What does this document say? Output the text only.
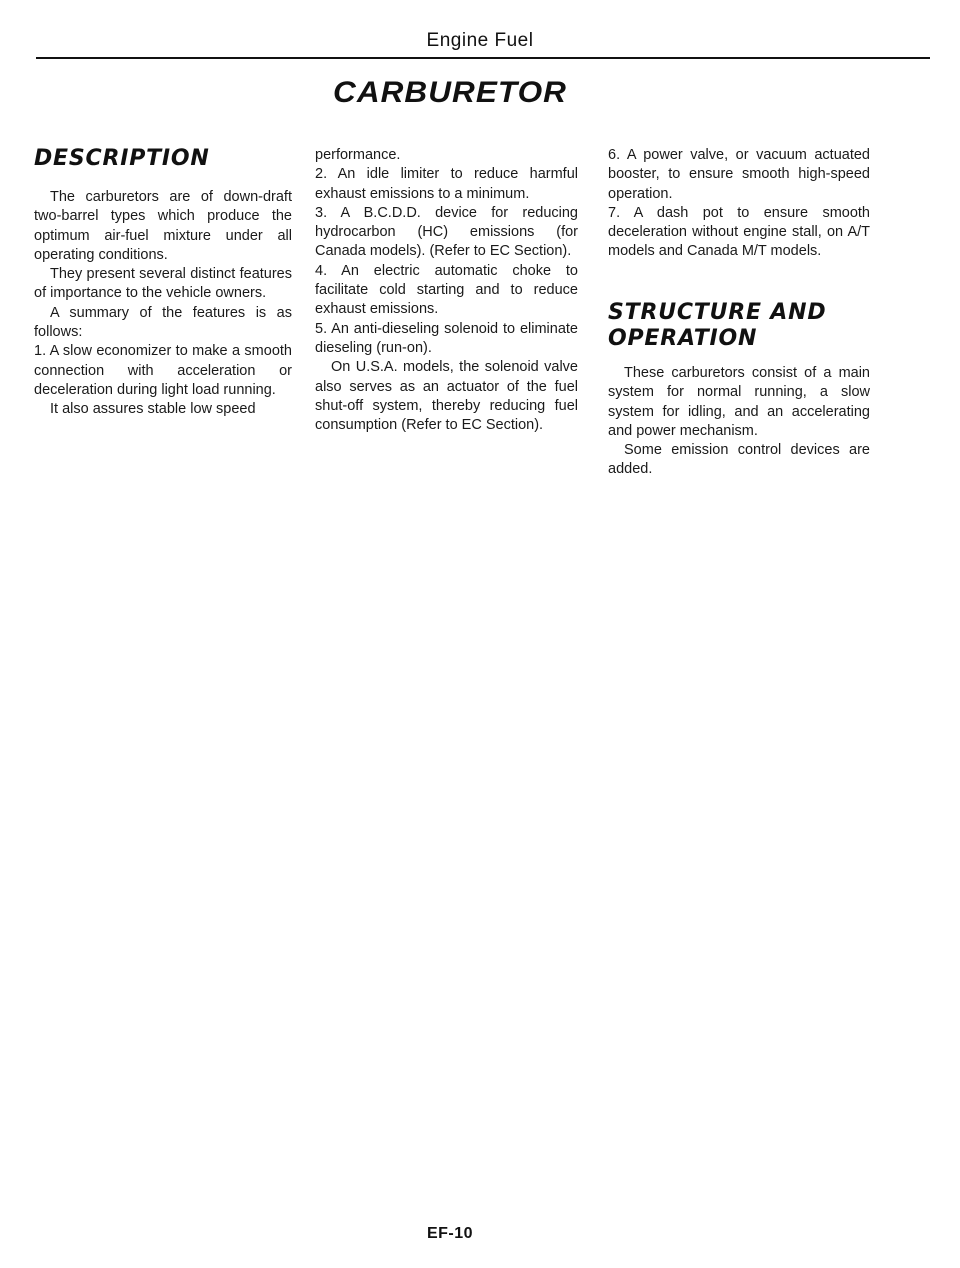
Engine Fuel
CARBURETOR
DESCRIPTION

The carburetors are of down-draft two-barrel types which produce the optimum air-fuel mixture under all operating conditions.

They present several distinct features of importance to the vehicle owners.

A summary of the features is as follows:

1. A slow economizer to make a smooth connection with acceleration or deceleration during light load running.

It also assures stable low speed

performance.

2. An idle limiter to reduce harmful exhaust emissions to a minimum.

3. A B.C.D.D. device for reducing hydrocarbon (HC) emissions (for Canada models). (Refer to EC Section).

4. An electric automatic choke to facilitate cold starting and to reduce exhaust emissions.

5. An anti-dieseling solenoid to eliminate dieseling (run-on).

On U.S.A. models, the solenoid valve also serves as an actuator of the fuel shut-off system, thereby reducing fuel consumption (Refer to EC Section).

6. A power valve, or vacuum actuated booster, to ensure smooth high-speed operation.

7. A dash pot to ensure smooth deceleration without engine stall, on A/T models and Canada M/T models.

STRUCTURE AND
OPERATION

These carburetors consist of a main system for normal running, a slow system for idling, and an accelerating and power mechanism.

Some emission control devices are added.

EF-10
